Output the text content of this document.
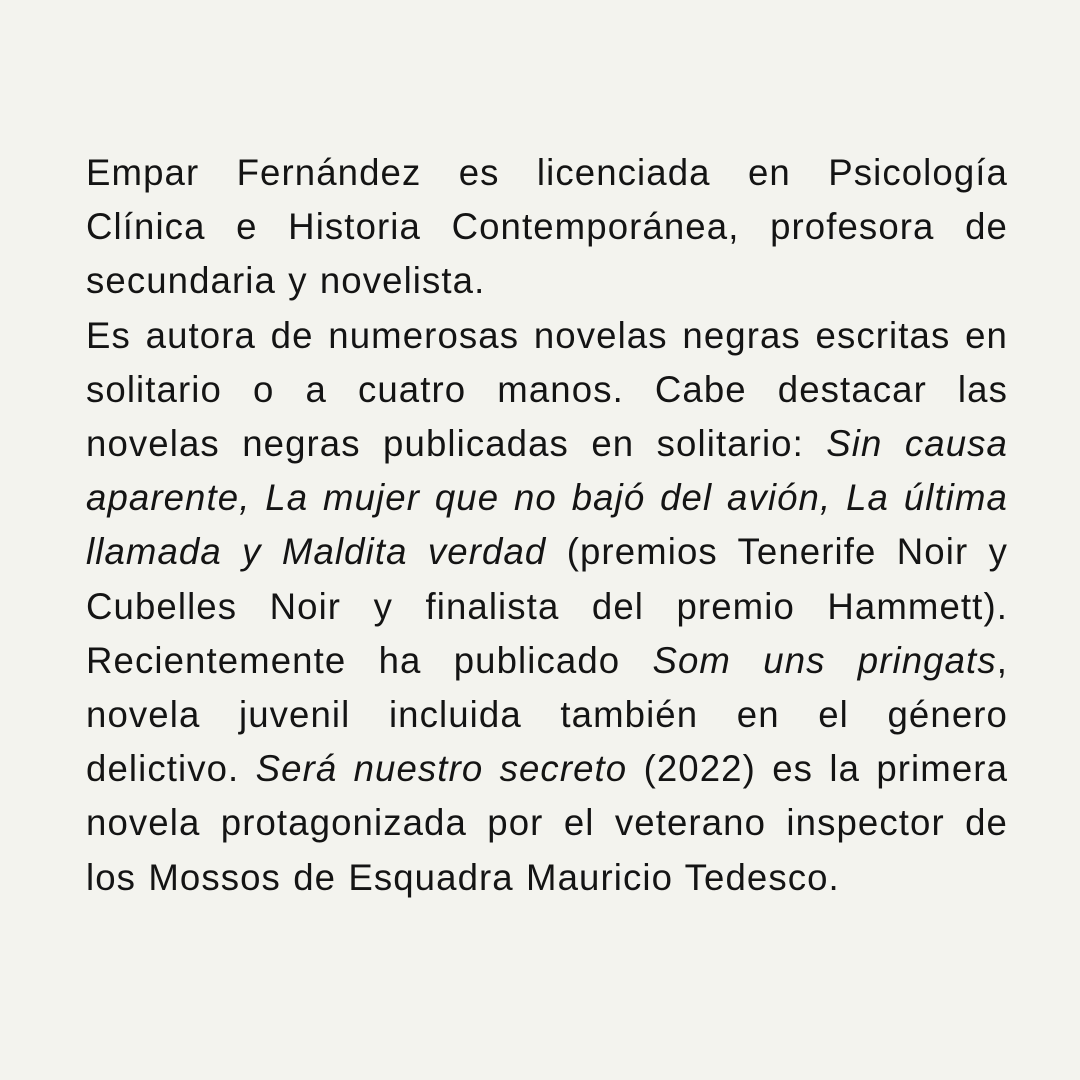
Empar Fernández es licenciada en Psicología Clínica e Historia Contemporánea, profesora de secundaria y novelista.

Es autora de numerosas novelas negras escritas en solitario o a cuatro manos. Cabe destacar las novelas negras publicadas en solitario: Sin causa aparente, La mujer que no bajó del avión, La última llamada y Maldita verdad (premios Tenerife Noir y Cubelles Noir y finalista del premio Hammett). Recientemente ha publicado Som uns pringats, novela juvenil incluida también en el género delictivo. Será nuestro secreto (2022) es la primera novela protagonizada por el veterano inspector de los Mossos de Esquadra Mauricio Tedesco.
